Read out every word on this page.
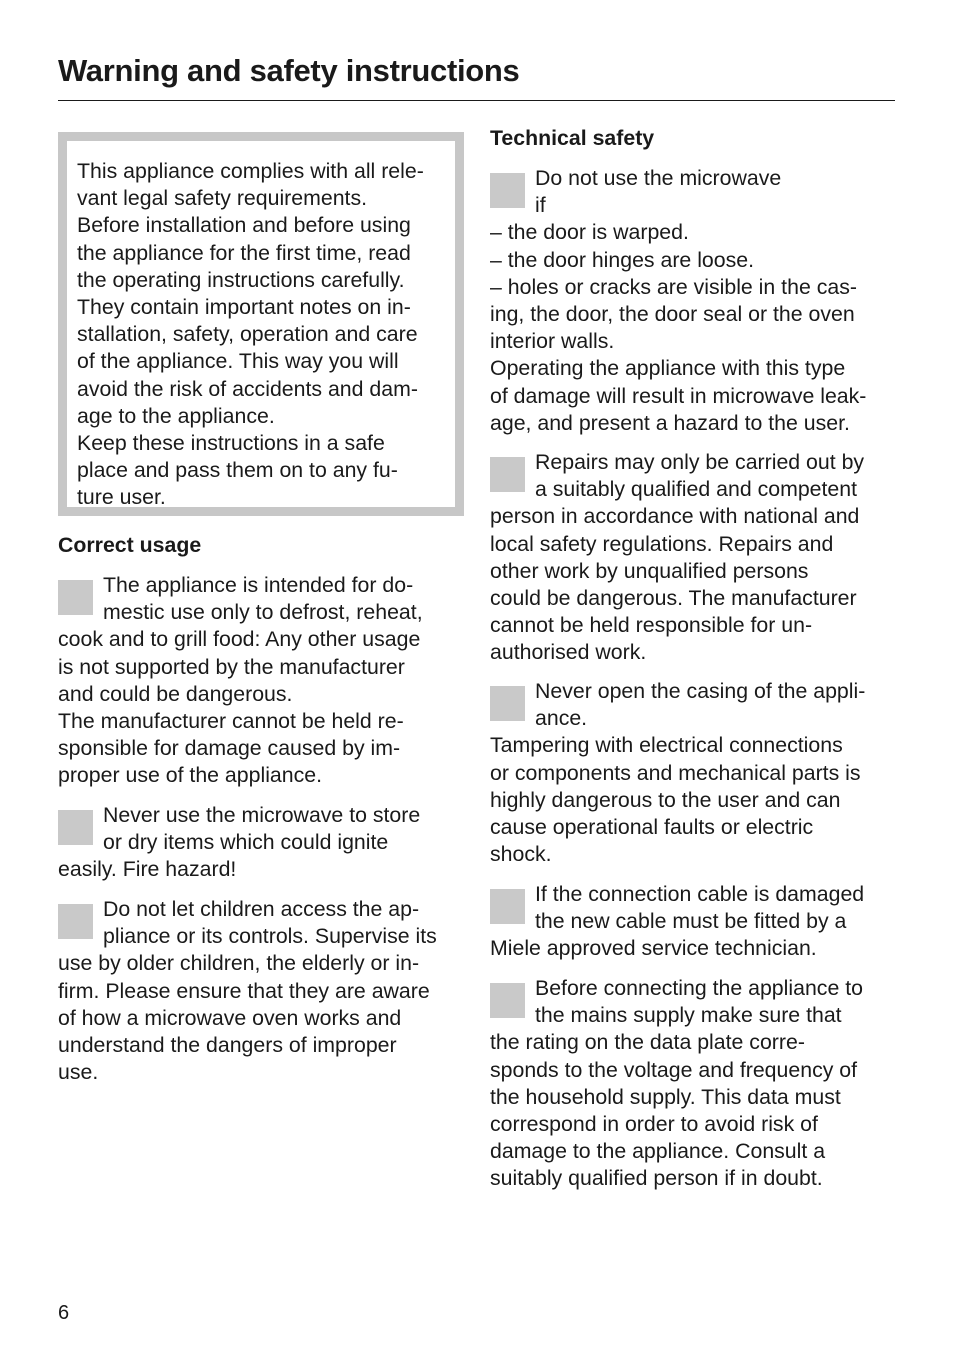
Warning and safety instructions

This appliance complies with all rele-
vant legal safety requirements.
Before installation and before using
the appliance for the first time, read
the operating instructions carefully.
They contain important notes on in-
stallation, safety, operation and care
of the appliance. This way you will
avoid the risk of accidents and dam-
age to the appliance.
Keep these instructions in a safe
place and pass them on to any fu-
ture user.

Correct usage

The appliance is intended for do-
mestic use only to defrost, reheat,
cook and to grill food: Any other usage
is not supported by the manufacturer
and could be dangerous.
The manufacturer cannot be held re-
sponsible for damage caused by im-
proper use of the appliance.

Never use the microwave to store
or dry items which could ignite
easily. Fire hazard!

Do not let children access the ap-
pliance or its controls. Supervise its
use by older children, the elderly or in-
firm. Please ensure that they are aware
of how a microwave oven works and
understand the dangers of improper
use.

Technical safety

Do not use the microwave
if
– the door is warped.
– the door hinges are loose.
– holes or cracks are visible in the cas-
ing, the door, the door seal or the oven
interior walls.
Operating the appliance with this type
of damage will result in microwave leak-
age, and present a hazard to the user.

Repairs may only be carried out by
a suitably qualified and competent
person in accordance with national and
local safety regulations. Repairs and
other work by unqualified persons
could be dangerous. The manufacturer
cannot be held responsible for un-
authorised work.

Never open the casing of the appli-
ance.
Tampering with electrical connections
or components and mechanical parts is
highly dangerous to the user and can
cause operational faults or electric
shock.

If the connection cable is damaged
the new cable must be fitted by a
Miele approved service technician.

Before connecting the appliance to
the mains supply make sure that
the rating on the data plate corre-
sponds to the voltage and frequency of
the household supply. This data must
correspond in order to avoid risk of
damage to the appliance. Consult a
suitably qualified person if in doubt.

6
